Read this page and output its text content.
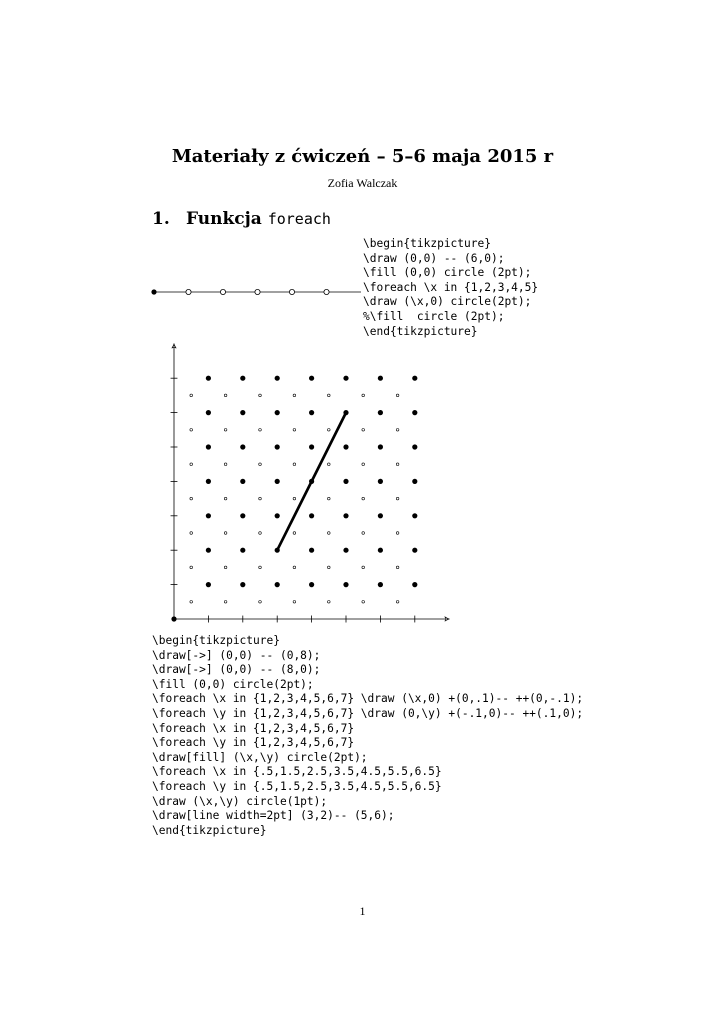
Materiały z ćwiczeń – 5–6 maja 2015 r
Zofia Walczak
1. Funkcja foreach
\begin{tikzpicture}
\draw (0,0) -- (6,0);
\fill (0,0) circle (2pt);
\foreach \x in {1,2,3,4,5}
\draw (\x,0) circle(2pt);
%\fill  circle (2pt);
\end{tikzpicture}
\begin{tikzpicture}
\draw[->] (0,0) -- (0,8);
\draw[->] (0,0) -- (8,0);
\fill (0,0) circle(2pt);
\foreach \x in {1,2,3,4,5,6,7} \draw (\x,0) +(0,.1)-- ++(0,-.1);
\foreach \y in {1,2,3,4,5,6,7} \draw (0,\y) +(-.1,0)-- ++(.1,0);
\foreach \x in {1,2,3,4,5,6,7}
\foreach \y in {1,2,3,4,5,6,7}
\draw[fill] (\x,\y) circle(2pt);
\foreach \x in {.5,1.5,2.5,3.5,4.5,5.5,6.5}
\foreach \y in {.5,1.5,2.5,3.5,4.5,5.5,6.5}
\draw (\x,\y) circle(1pt);
\draw[line width=2pt] (3,2)-- (5,6);
\end{tikzpicture}
1
